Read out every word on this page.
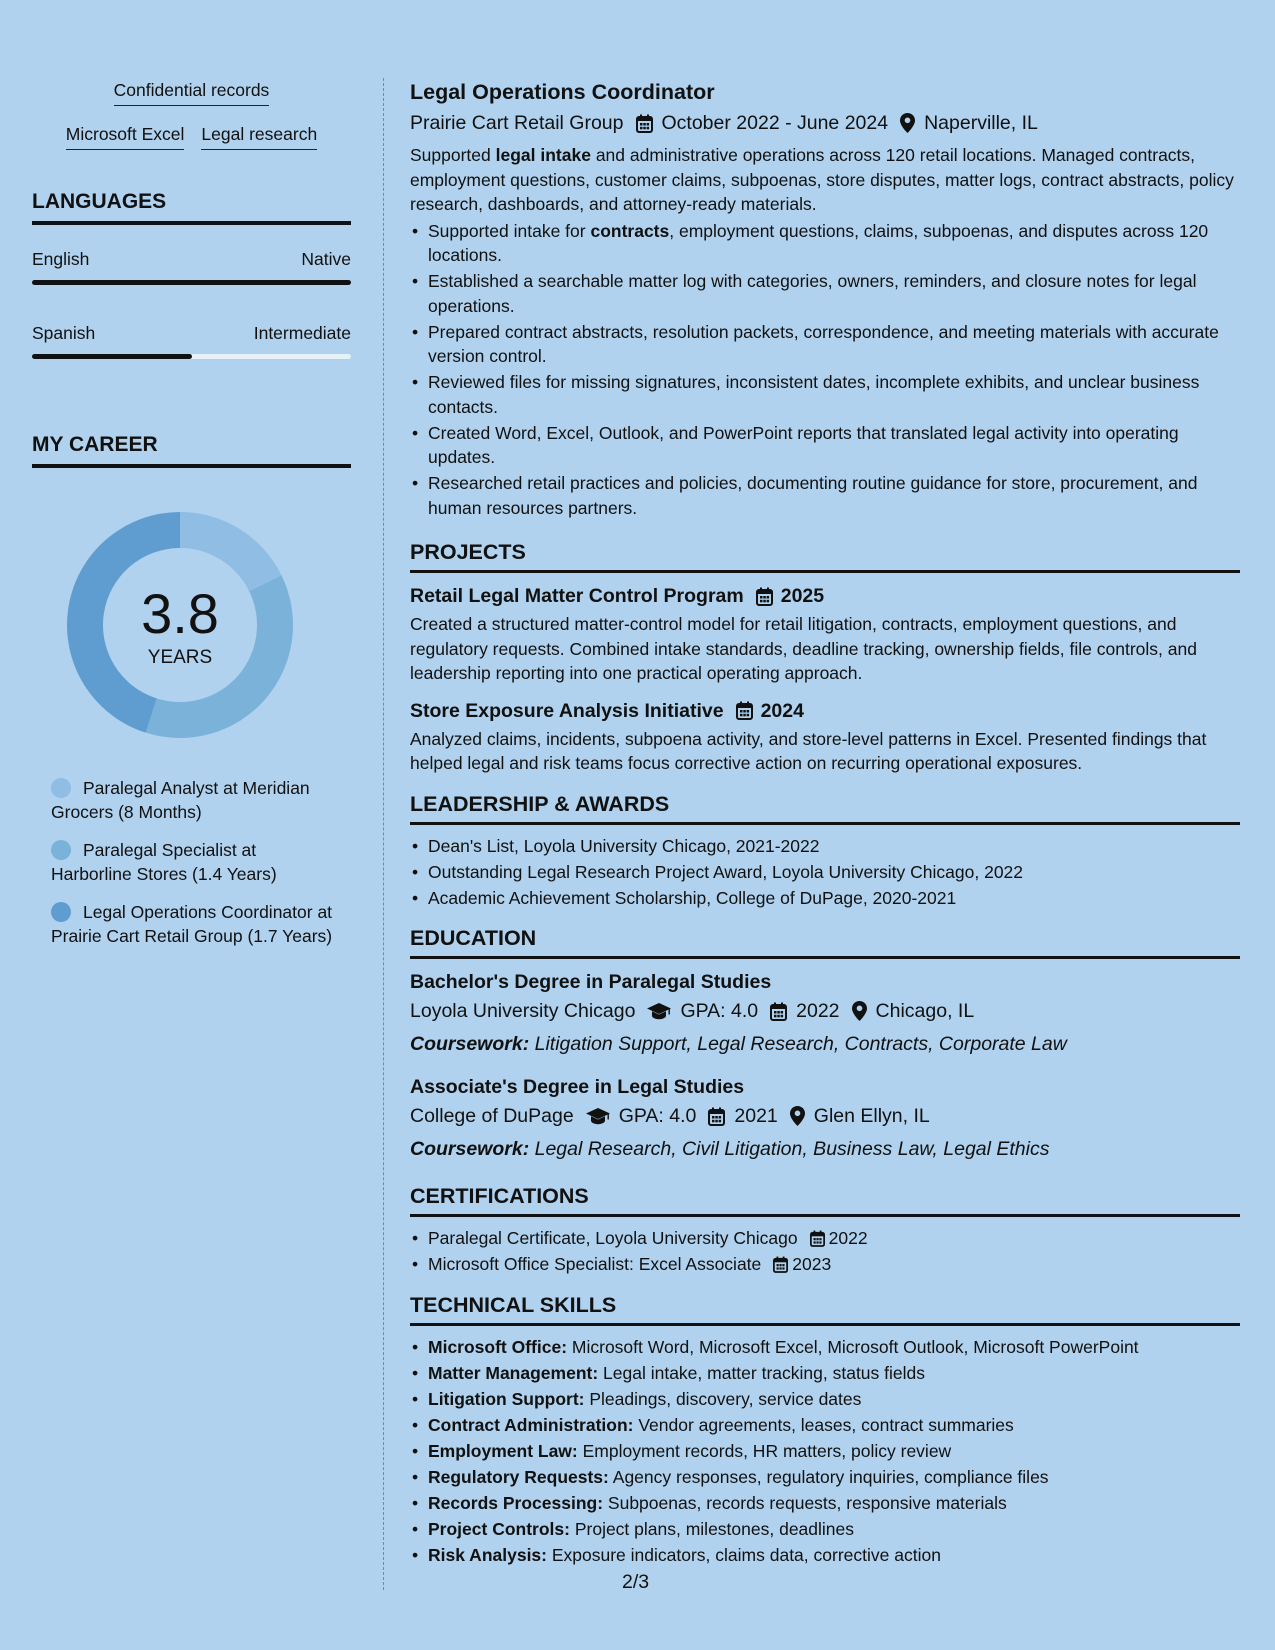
Confidential records
Microsoft Excel Legal research
LANGUAGES
English	Native
Spanish	Intermediate
MY CAREER
3.8
YEARS
Paralegal Analyst at Meridian Grocers (8 Months)
Paralegal Specialist at Harborline Stores (1.4 Years)
Legal Operations Coordinator at Prairie Cart Retail Group (1.7 Years)
Legal Operations Coordinator
Prairie Cart Retail Group October 2022 - June 2024 Naperville, IL

Supported legal intake and administrative operations across 120 retail locations. Managed contracts, employment questions, customer claims, subpoenas, store disputes, matter logs, contract abstracts, policy research, dashboards, and attorney-ready materials.

• Supported intake for contracts, employment questions, claims, subpoenas, and disputes across 120 locations.
• Established a searchable matter log with categories, owners, reminders, and closure notes for legal operations.
• Prepared contract abstracts, resolution packets, correspondence, and meeting materials with accurate version control.
• Reviewed files for missing signatures, inconsistent dates, incomplete exhibits, and unclear business contacts.
• Created Word, Excel, Outlook, and PowerPoint reports that translated legal activity into operating updates.
• Researched retail practices and policies, documenting routine guidance for store, procurement, and human resources partners.
PROJECTS
Retail Legal Matter Control Program 2025

Created a structured matter-control model for retail litigation, contracts, employment questions, and regulatory requests. Combined intake standards, deadline tracking, ownership fields, file controls, and leadership reporting into one practical operating approach.

Store Exposure Analysis Initiative 2024

Analyzed claims, incidents, subpoena activity, and store-level patterns in Excel. Presented findings that helped legal and risk teams focus corrective action on recurring operational exposures.

LEADERSHIP & AWARDS
• Dean's List, Loyola University Chicago, 2021-2022
• Outstanding Legal Research Project Award, Loyola University Chicago, 2022
• Academic Achievement Scholarship, College of DuPage, 2020-2021
EDUCATION
Bachelor's Degree in Paralegal Studies
Loyola University Chicago GPA: 4.0 2022 Chicago, IL
Coursework: Litigation Support, Legal Research, Contracts, Corporate Law
Associate's Degree in Legal Studies
College of DuPage GPA: 4.0 2021 Glen Ellyn, IL
Coursework: Legal Research, Civil Litigation, Business Law, Legal Ethics
CERTIFICATIONS
• Paralegal Certificate, Loyola University Chicago 2022
• Microsoft Office Specialist: Excel Associate 2023
TECHNICAL SKILLS
• Microsoft Office: Microsoft Word, Microsoft Excel, Microsoft Outlook, Microsoft PowerPoint
• Matter Management: Legal intake, matter tracking, status fields
• Litigation Support: Pleadings, discovery, service dates
• Contract Administration: Vendor agreements, leases, contract summaries
• Employment Law: Employment records, HR matters, policy review
• Regulatory Requests: Agency responses, regulatory inquiries, compliance files
• Records Processing: Subpoenas, records requests, responsive materials
• Project Controls: Project plans, milestones, deadlines
• Risk Analysis: Exposure indicators, claims data, corrective action
2/3
